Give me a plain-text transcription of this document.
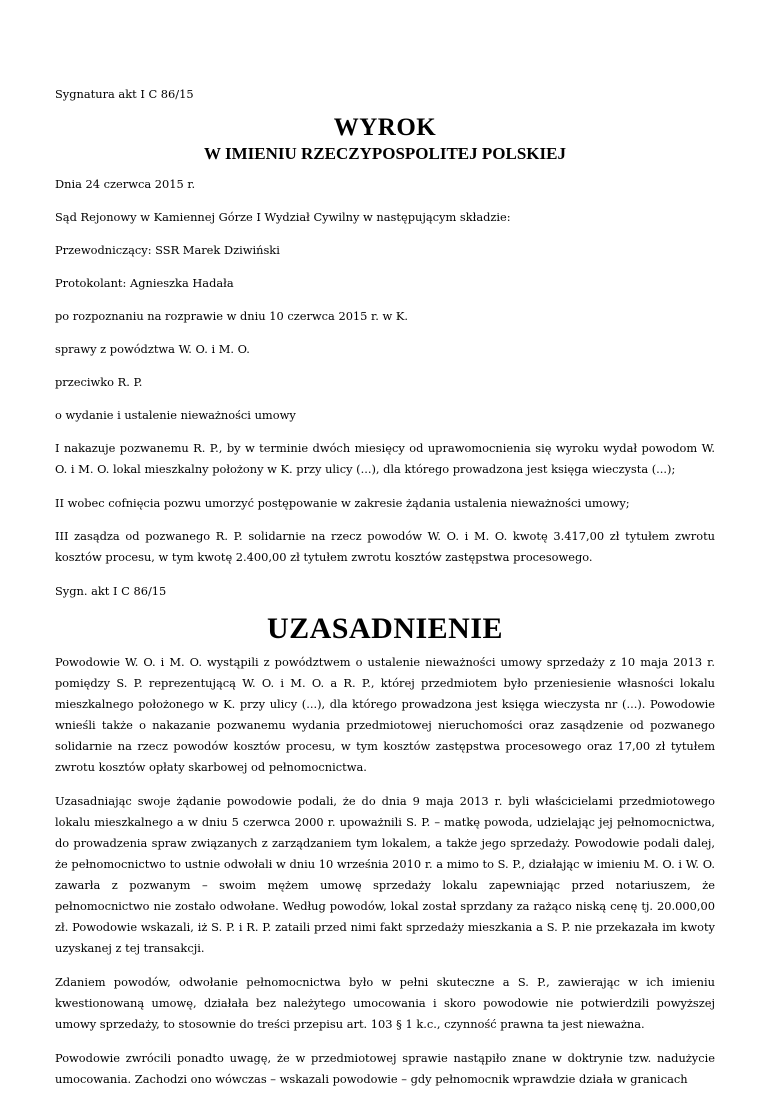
Sygnatura akt I C 86/15

WYROK
W IMIENIU RZECZYPOSPOLITEJ POLSKIEJ

Dnia 24 czerwca 2015 r.

Sąd Rejonowy w Kamiennej Górze I Wydział Cywilny w następującym składzie:

Przewodniczący: SSR Marek Dziwiński

Protokolant: Agnieszka Hadała

po rozpoznaniu na rozprawie w dniu 10 czerwca 2015 r. w K.

sprawy z powództwa W. O. i M. O.

przeciwko R. P.

o wydanie i ustalenie nieważności umowy

I nakazuje pozwanemu R. P., by w terminie dwóch miesięcy od uprawomocnienia się wyroku wydał powodom W. O. i M. O. lokal mieszkalny położony w K. przy ulicy (...), dla którego prowadzona jest księga wieczysta (...);

II wobec cofnięcia pozwu umorzyć postępowanie w zakresie żądania ustalenia nieważności umowy;

III zasądza od pozwanego R. P. solidarnie na rzecz powodów W. O. i M. O. kwotę 3.417,00 zł tytułem zwrotu kosztów procesu, w tym kwotę 2.400,00 zł tytułem zwrotu kosztów zastępstwa procesowego.

Sygn. akt I C 86/15

UZASADNIENIE

Powodowie W. O. i M. O. wystąpili z powództwem o ustalenie nieważności umowy sprzedaży z 10 maja 2013 r. pomiędzy S. P. reprezentującą W. O. i M. O. a R. P., której przedmiotem było przeniesienie własności lokalu mieszkalnego położonego w K. przy ulicy (...), dla którego prowadzona jest księga wieczysta nr (...). Powodowie wnieśli także o nakazanie pozwanemu wydania przedmiotowej nieruchomości oraz zasądzenie od pozwanego solidarnie na rzecz powodów kosztów procesu, w tym kosztów zastępstwa procesowego oraz 17,00 zł tytułem zwrotu kosztów opłaty skarbowej od pełnomocnictwa.

Uzasadniając swoje żądanie powodowie podali, że do dnia 9 maja 2013 r. byli właścicielami przedmiotowego lokalu mieszkalnego a w dniu 5 czerwca 2000 r. upoważnili S. P. – matkę powoda, udzielając jej pełnomocnictwa, do prowadzenia spraw związanych z zarządzaniem tym lokalem, a także jego sprzedaży. Powodowie podali dalej, że pełnomocnictwo to ustnie odwołali w dniu 10 września 2010 r. a mimo to S. P., działając w imieniu M. O. i W. O. zawarła z pozwanym – swoim mężem umowę sprzedaży lokalu zapewniając przed notariuszem, że pełnomocnictwo nie zostało odwołane. Według powodów, lokal został sprzdany za rażąco niską cenę tj. 20.000,00 zł. Powodowie wskazali, iż S. P. i R. P. zataili przed nimi fakt sprzedaży mieszkania a S. P. nie przekazała im kwoty uzyskanej z tej transakcji.

Zdaniem powodów, odwołanie pełnomocnictwa było w pełni skuteczne a S. P., zawierając w ich imieniu kwestionowaną umowę, działała bez należytego umocowania i skoro powodowie nie potwierdzili powyższej umowy sprzedaży, to stosownie do treści przepisu art. 103 § 1 k.c., czynność prawna ta jest nieważna.

Powodowie zwrócili ponadto uwagę, że w przedmiotowej sprawie nastąpiło znane w doktrynie tzw. nadużycie umocowania. Zachodzi ono wówczas – wskazali powodowie – gdy pełnomocnik wprawdzie działa w granicach
